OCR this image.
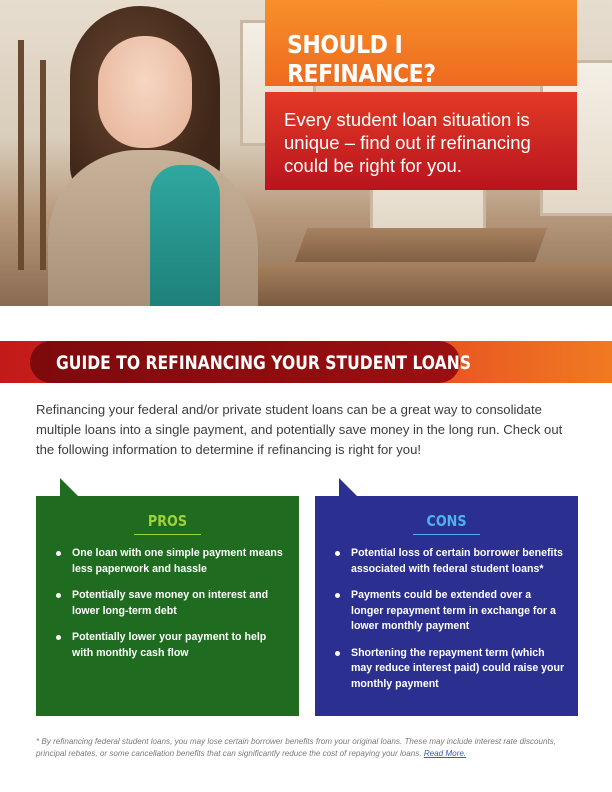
SHOULD I REFINANCE?

Every student loan situation is unique – find out if refinancing could be right for you.

GUIDE TO REFINANCING YOUR STUDENT LOANS

Refinancing your federal and/or private student loans can be a great way to consolidate multiple loans into a single payment, and potentially save money in the long run. Check out the following information to determine if refinancing is right for you!

PROS
One loan with one simple payment means less paperwork and hassle
Potentially save money on interest and lower long-term debt
Potentially lower your payment to help with monthly cash flow
CONS
Potential loss of certain borrower benefits associated with federal student loans*
Payments could be extended over a longer repayment term in exchange for a lower monthly payment
Shortening the repayment term (which may reduce interest paid) could raise your monthly payment

* By refinancing federal student loans, you may lose certain borrower benefits from your original loans. These may include interest rate discounts, principal rebates, or some cancellation benefits that can significantly reduce the cost of repaying your loans. Read More.
